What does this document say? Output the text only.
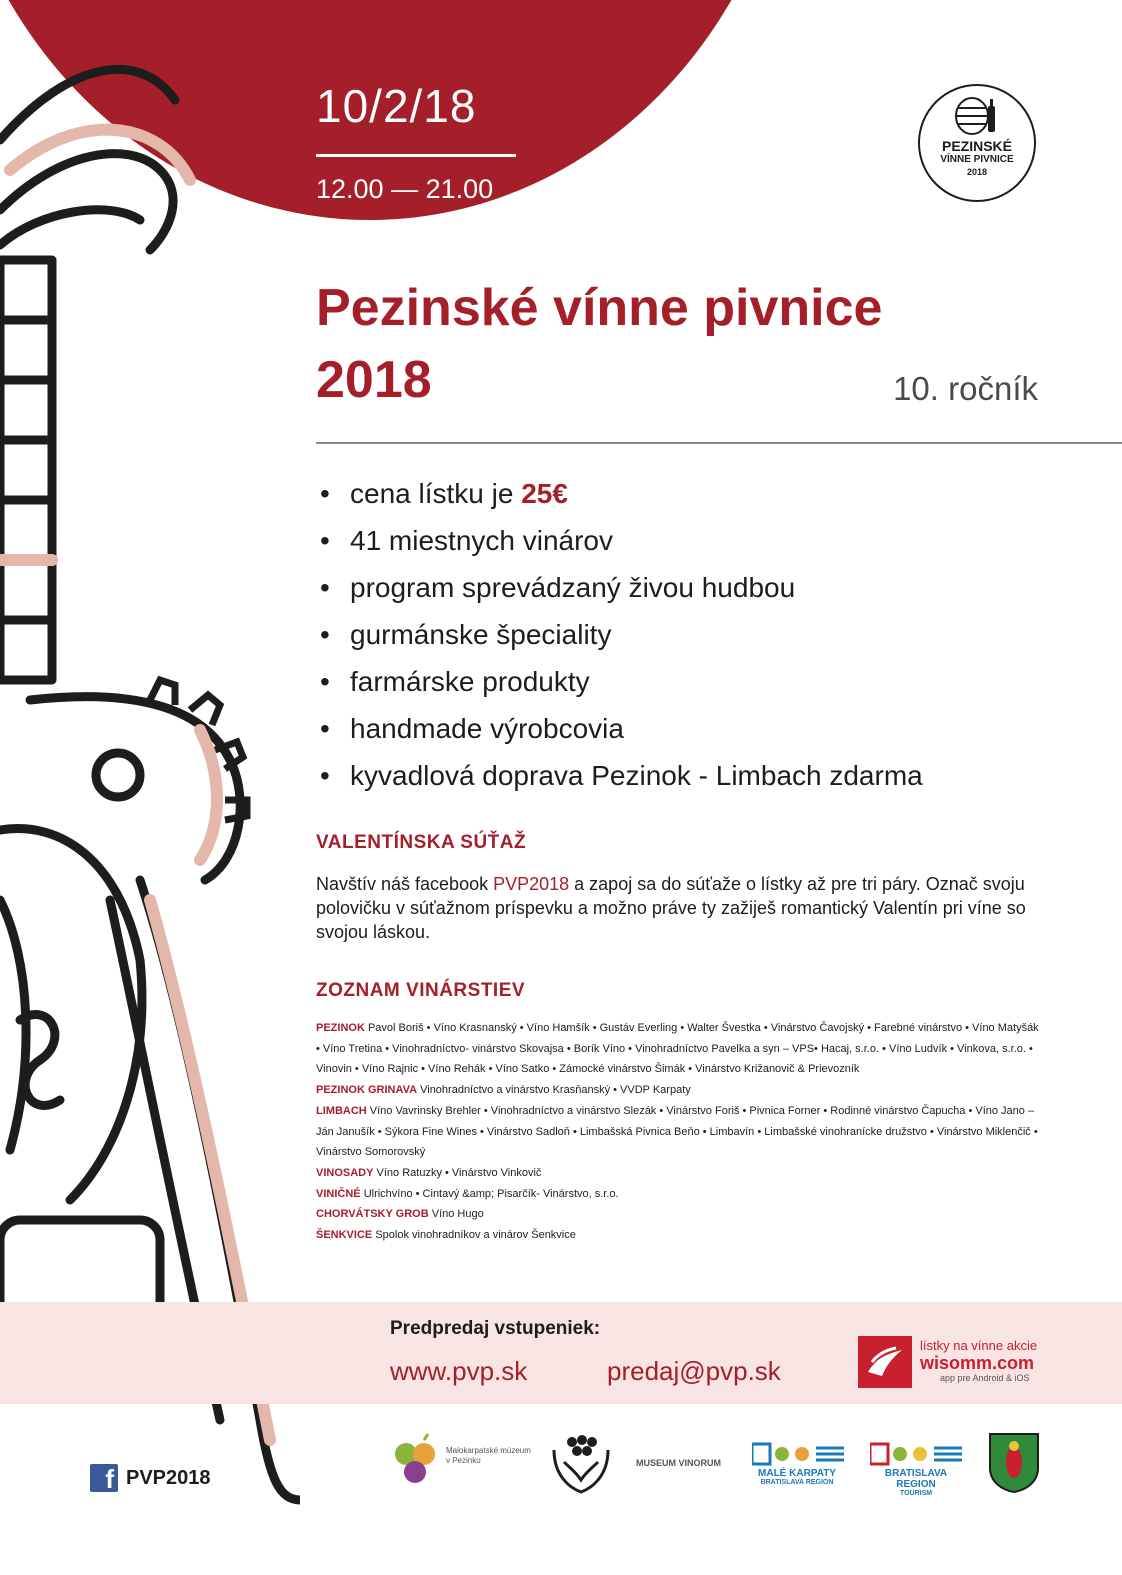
10/2/18
12.00 — 21.00
PEZINSKÉ
VÍNNE PIVNICE
2018
Pezinské vínne pivnice
2018	10. ročník
• cena lístku je 25€
• 41 miestnych vinárov
• program sprevádzaný živou hudbou
• gurmánske špeciality
• farmárske produkty
• handmade výrobcovia
• kyvadlová doprava Pezinok - Limbach zdarma
VALENTÍNSKA SÚŤAŽ
Navštív náš facebook PVP2018 a zapoj sa do súťaže o lístky až pre tri páry. Označ svoju polovičku v súťažnom príspevku a možno práve ty zažiješ romantický Valentín pri víne so svojou láskou.
ZOZNAM VINÁRSTIEV
PEZINOK Pavol Boriš • Víno Krasnanský • Víno Hamšík • Gustáv Everling • Walter Švestka • Vinárstvo Čavojský • Farebné vinárstvo • Víno Matyšák • Víno Tretina • Vinohradníctvo- vinárstvo Skovajsa • Borík Víno • Vinohradníctvo Pavelka a syn – VPS• Hacaj, s.r.o. • Víno Ludvík • Vinkova, s.r.o. • Vinovin • Víno Rajnic • Víno Rehák • Víno Satko • Zámocké vinárstvo Šimák • Vinárstvo Križanovič & Prievozník
PEZINOK GRINAVA Vinohradníctvo a vinárstvo Krasňanský • VVDP Karpaty
LIMBACH Víno Vavrinsky Brehler • Vinohradníctvo a vinárstvo Slezák • Vinárstvo Foriš • Pivnica Forner • Rodinné vinárstvo Čapucha • Víno Jano – Ján Janušík • Sýkora Fine Wines • Vinárstvo Sadloň • Limbašská Pivnica Beňo • Limbavín • Limbašské vinohranícke družstvo • Vinárstvo Miklenčič • Vinárstvo Somorovský
VINOSADY Víno Ratuzky • Vinárstvo Vinkovič
VINIČNÉ Ulrichvíno • Cintavý &amp; Pisarčík- Vinárstvo, s.r.o.
CHORVÁTSKY GROB Víno Hugo
ŠENKVICE Spolok vinohradníkov a vinárov Šenkvice
Predpredaj vstupeniek:
www.pvp.sk	predaj@pvp.sk
lístky na vínne akcie
wisomm.com
app pre Android & iOS
f PVP2018
Malokarpatské múzeum v Pezinku	MUSEUM VINORUM
MALÉ KARPATY
BRATISLAVA REGION
BRATISLAVA REGION
TOURISM
